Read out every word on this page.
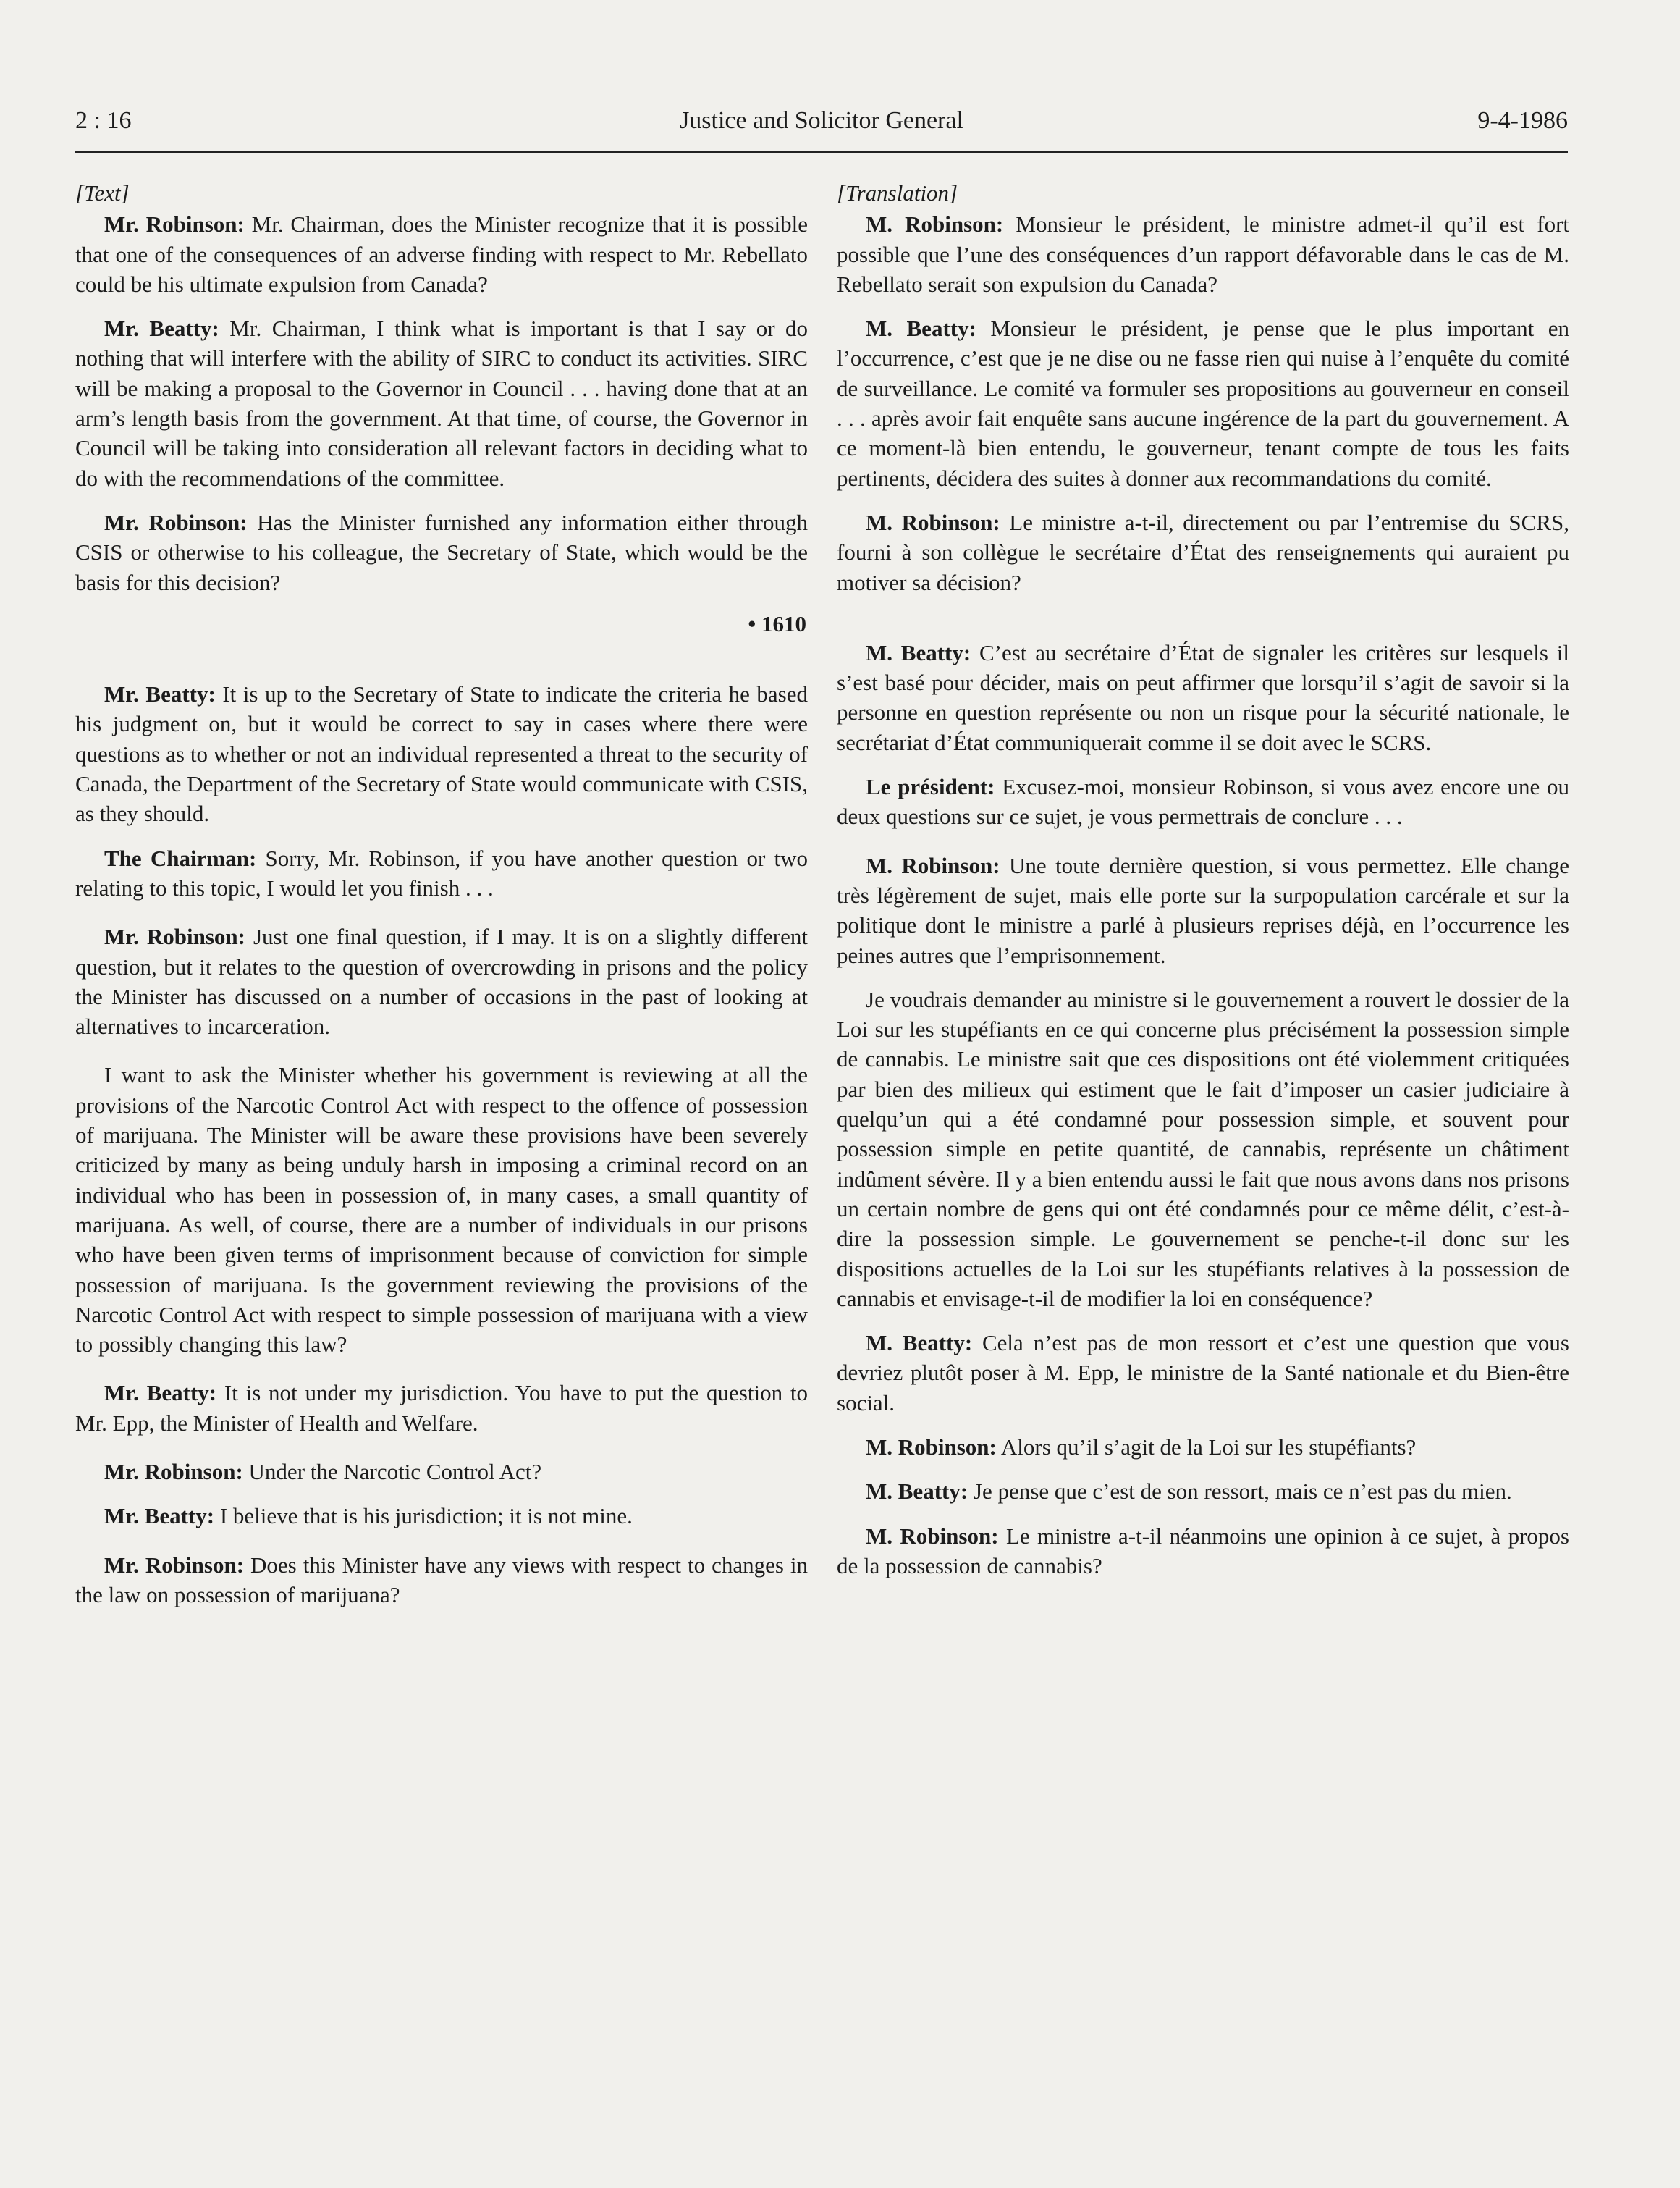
2 : 16	Justice and Solicitor General	9-4-1986

[Text]

Mr. Robinson: Mr. Chairman, does the Minister recognize that it is possible that one of the consequences of an adverse finding with respect to Mr. Rebellato could be his ultimate expulsion from Canada?

Mr. Beatty: Mr. Chairman, I think what is important is that I say or do nothing that will interfere with the ability of SIRC to conduct its activities. SIRC will be making a proposal to the Governor in Council . . . having done that at an arm’s length basis from the government. At that time, of course, the Governor in Council will be taking into consideration all relevant factors in deciding what to do with the recommendations of the committee.

Mr. Robinson: Has the Minister furnished any information either through CSIS or otherwise to his colleague, the Secretary of State, which would be the basis for this decision?

• 1610

Mr. Beatty: It is up to the Secretary of State to indicate the criteria he based his judgment on, but it would be correct to say in cases where there were questions as to whether or not an individual represented a threat to the security of Canada, the Department of the Secretary of State would communicate with CSIS, as they should.

The Chairman: Sorry, Mr. Robinson, if you have another question or two relating to this topic, I would let you finish . . .

Mr. Robinson: Just one final question, if I may. It is on a slightly different question, but it relates to the question of overcrowding in prisons and the policy the Minister has discussed on a number of occasions in the past of looking at alternatives to incarceration.

I want to ask the Minister whether his government is reviewing at all the provisions of the Narcotic Control Act with respect to the offence of possession of marijuana. The Minister will be aware these provisions have been severely criticized by many as being unduly harsh in imposing a criminal record on an individual who has been in possession of, in many cases, a small quantity of marijuana. As well, of course, there are a number of individuals in our prisons who have been given terms of imprisonment because of conviction for simple possession of marijuana. Is the government reviewing the provisions of the Narcotic Control Act with respect to simple possession of marijuana with a view to possibly changing this law?

Mr. Beatty: It is not under my jurisdiction. You have to put the question to Mr. Epp, the Minister of Health and Welfare.

Mr. Robinson: Under the Narcotic Control Act?

Mr. Beatty: I believe that is his jurisdiction; it is not mine.

Mr. Robinson: Does this Minister have any views with respect to changes in the law on possession of marijuana?

[Translation]

M. Robinson: Monsieur le président, le ministre admet-il qu’il est fort possible que l’une des conséquences d’un rapport défavorable dans le cas de M. Rebellato serait son expulsion du Canada?

M. Beatty: Monsieur le président, je pense que le plus important en l’occurrence, c’est que je ne dise ou ne fasse rien qui nuise à l’enquête du comité de surveillance. Le comité va formuler ses propositions au gouverneur en conseil . . . après avoir fait enquête sans aucune ingérence de la part du gouvernement. A ce moment-là bien entendu, le gouverneur, tenant compte de tous les faits pertinents, décidera des suites à donner aux recommandations du comité.

M. Robinson: Le ministre a-t-il, directement ou par l’entremise du SCRS, fourni à son collègue le secrétaire d’État des renseignements qui auraient pu motiver sa décision?

M. Beatty: C’est au secrétaire d’État de signaler les critères sur lesquels il s’est basé pour décider, mais on peut affirmer que lorsqu’il s’agit de savoir si la personne en question représente ou non un risque pour la sécurité nationale, le secrétariat d’État communiquerait comme il se doit avec le SCRS.

Le président: Excusez-moi, monsieur Robinson, si vous avez encore une ou deux questions sur ce sujet, je vous permettrais de conclure . . .

M. Robinson: Une toute dernière question, si vous permettez. Elle change très légèrement de sujet, mais elle porte sur la surpopulation carcérale et sur la politique dont le ministre a parlé à plusieurs reprises déjà, en l’occurrence les peines autres que l’emprisonnement.

Je voudrais demander au ministre si le gouvernement a rouvert le dossier de la Loi sur les stupéfiants en ce qui concerne plus précisément la possession simple de cannabis. Le ministre sait que ces dispositions ont été violemment critiquées par bien des milieux qui estiment que le fait d’imposer un casier judiciaire à quelqu’un qui a été condamné pour possession simple, et souvent pour possession simple en petite quantité, de cannabis, représente un châtiment indûment sévère. Il y a bien entendu aussi le fait que nous avons dans nos prisons un certain nombre de gens qui ont été condamnés pour ce même délit, c’est-à-dire la possession simple. Le gouvernement se penche-t-il donc sur les dispositions actuelles de la Loi sur les stupéfiants relatives à la possession de cannabis et envisage-t-il de modifier la loi en conséquence?

M. Beatty: Cela n’est pas de mon ressort et c’est une question que vous devriez plutôt poser à M. Epp, le ministre de la Santé nationale et du Bien-être social.

M. Robinson: Alors qu’il s’agit de la Loi sur les stupéfiants?

M. Beatty: Je pense que c’est de son ressort, mais ce n’est pas du mien.

M. Robinson: Le ministre a-t-il néanmoins une opinion à ce sujet, à propos de la possession de cannabis?
